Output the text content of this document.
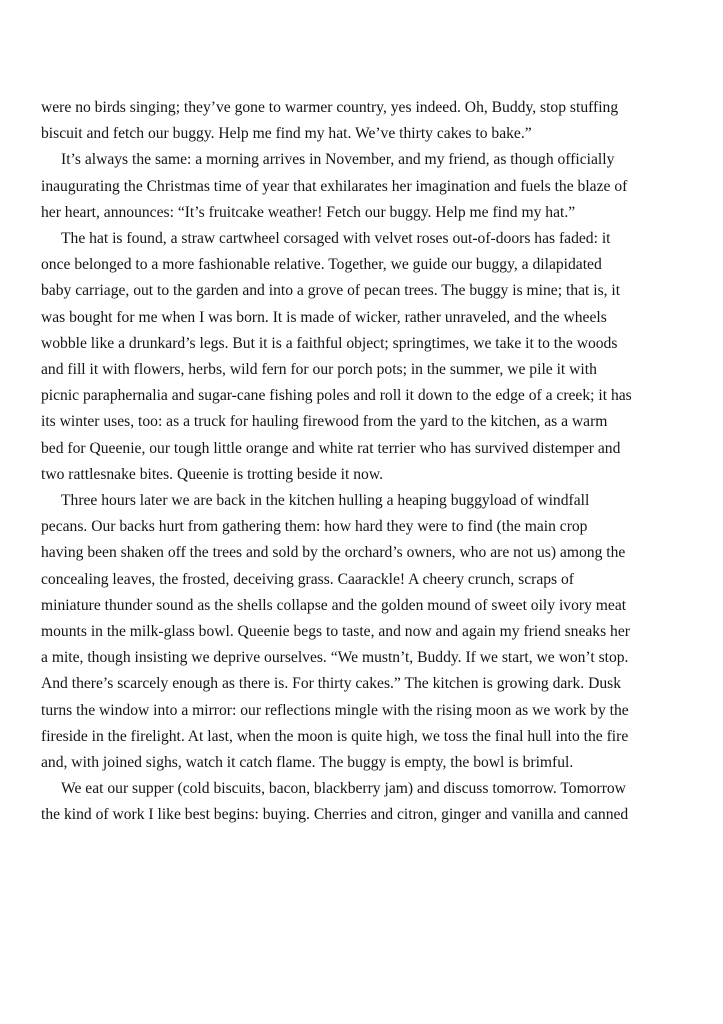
were no birds singing; they’ve gone to warmer country, yes indeed. Oh, Buddy, stop stuffing
biscuit and fetch our buggy. Help me find my hat. We’ve thirty cakes to bake.”
It’s always the same: a morning arrives in November, and my friend, as though officially
inaugurating the Christmas time of year that exhilarates her imagination and fuels the blaze of
her heart, announces: “It’s fruitcake weather! Fetch our buggy. Help me find my hat.”
The hat is found, a straw cartwheel corsaged with velvet roses out-of-doors has faded: it
once belonged to a more fashionable relative. Together, we guide our buggy, a dilapidated
baby carriage, out to the garden and into a grove of pecan trees. The buggy is mine; that is, it
was bought for me when I was born. It is made of wicker, rather unraveled, and the wheels
wobble like a drunkard’s legs. But it is a faithful object; springtimes, we take it to the woods
and fill it with flowers, herbs, wild fern for our porch pots; in the summer, we pile it with
picnic paraphernalia and sugar-cane fishing poles and roll it down to the edge of a creek; it has
its winter uses, too: as a truck for hauling firewood from the yard to the kitchen, as a warm
bed for Queenie, our tough little orange and white rat terrier who has survived distemper and
two rattlesnake bites. Queenie is trotting beside it now.
Three hours later we are back in the kitchen hulling a heaping buggyload of windfall
pecans. Our backs hurt from gathering them: how hard they were to find (the main crop
having been shaken off the trees and sold by the orchard’s owners, who are not us) among the
concealing leaves, the frosted, deceiving grass. Caarackle! A cheery crunch, scraps of
miniature thunder sound as the shells collapse and the golden mound of sweet oily ivory meat
mounts in the milk-glass bowl. Queenie begs to taste, and now and again my friend sneaks her
a mite, though insisting we deprive ourselves. “We mustn’t, Buddy. If we start, we won’t stop.
And there’s scarcely enough as there is. For thirty cakes.” The kitchen is growing dark. Dusk
turns the window into a mirror: our reflections mingle with the rising moon as we work by the
fireside in the firelight. At last, when the moon is quite high, we toss the final hull into the fire
and, with joined sighs, watch it catch flame. The buggy is empty, the bowl is brimful.
We eat our supper (cold biscuits, bacon, blackberry jam) and discuss tomorrow. Tomorrow
the kind of work I like best begins: buying. Cherries and citron, ginger and vanilla and canned
